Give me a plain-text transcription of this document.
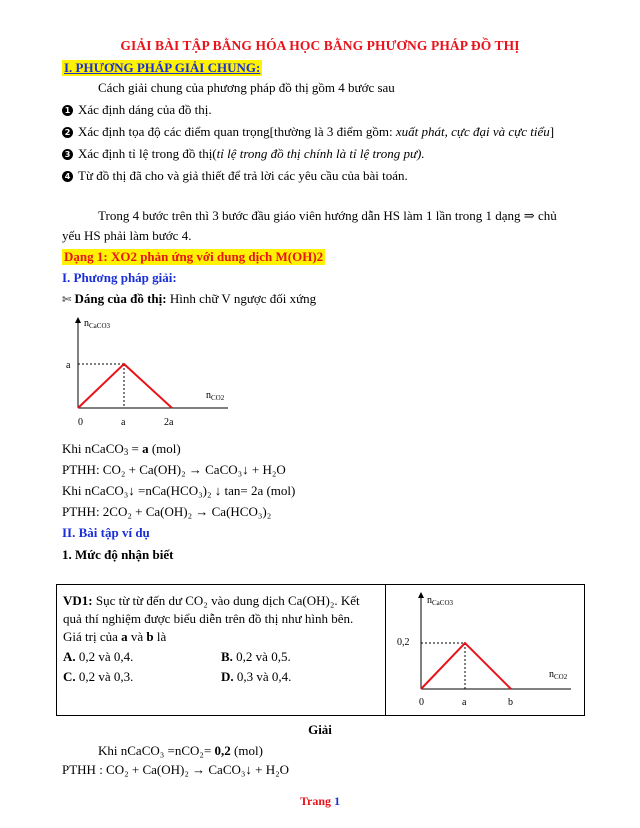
GIẢI BÀI TẬP BẰNG HÓA HỌC BẰNG PHƯƠNG PHÁP ĐỒ THỊ
I. PHƯƠNG PHÁP GIẢI CHUNG:
Cách giải chung của phương pháp đồ thị gồm 4 bước sau
1 Xác định dáng của đồ thị.
2 Xác định tọa độ các điểm quan trọng[thường là 3 điểm gồm: xuất phát, cực đại và cực tiểu]
3 Xác định tỉ lệ trong đồ thị(tỉ lệ trong đồ thị chính là tỉ lệ trong pư).
4 Từ đồ thị đã cho và giả thiết để trả lời các yêu cầu của bài toán.
Trong 4 bước trên thì 3 bước đầu giáo viên hướng dẫn HS làm 1 lần trong 1 dạng ⇒ chủ
yếu HS phải làm bước 4.
Dạng 1: XO2 phản ứng với dung dịch M(OH)2
I. Phương pháp giải:
✄ Dáng của đồ thị: Hình chữ V ngược đối xứng
$n_{CaCO3}$
$n_{CO2}$
a
0	a	2a
Khi nCaCO3 = a (mol)
PTHH: CO₂ + Ca(OH)₂ → CaCO₃↓ + H₂O
Khi nCaCO₃↓ =nCa(HCO₃)₂ ↓ tan= 2a (mol)
PTHH: 2CO₂ + Ca(OH)₂ → Ca(HCO₃)₂
II. Bài tập ví dụ
1. Mức độ nhận biết
VD1: Sục từ từ đến dư CO₂ vào dung dịch Ca(OH)₂. Kết
quả thí nghiệm được biểu diễn trên đồ thị như hình bên.
Giá trị của a và b là
A. 0,2 và 0,4.	B. 0,2 và 0,5.
C. 0,2 và 0,3.	D. 0,3 và 0,4.
$n_{CaCO3}$
$n_{CO2}$
0,2
0	a	b
Giải
Khi nCaCO₃ =nCO₂= 0,2 (mol)
PTHH : CO₂ + Ca(OH)₂ → CaCO₃↓ + H₂O
Trang 1
